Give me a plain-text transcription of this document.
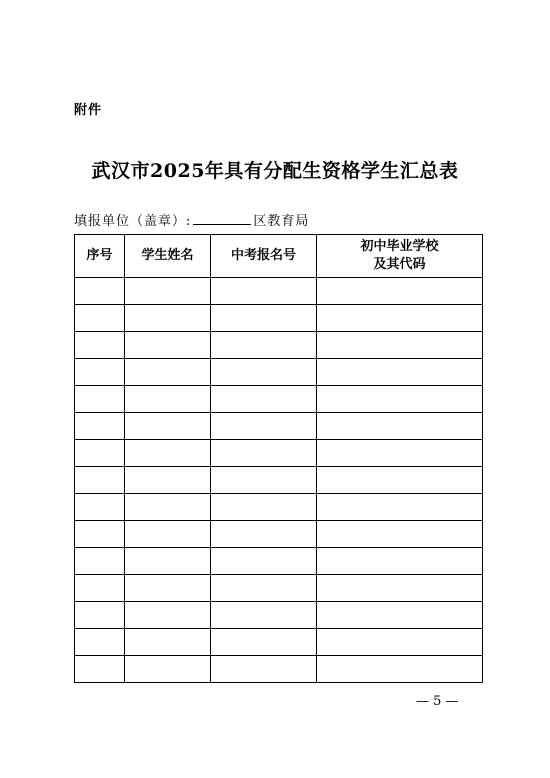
附件
武汉市2025年具有分配生资格学生汇总表
填报单位（盖章）:	区教育局
序号	学生姓名	中考报名号	初中毕业学校
及其代码

— 5 —
